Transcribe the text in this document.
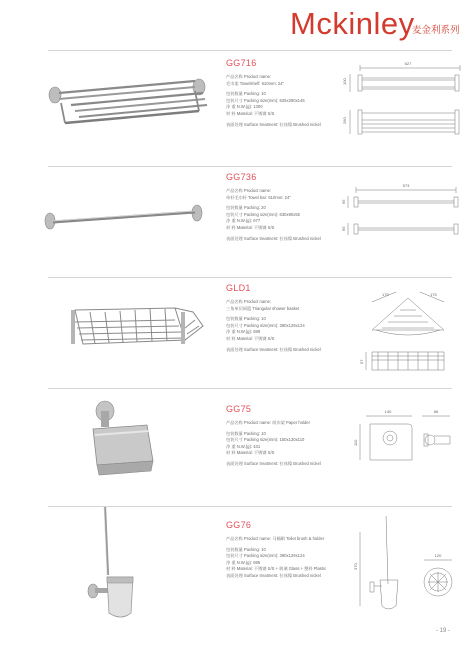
Mckinley
麦金利系列
GG716
产品名称 Product name:
毛巾架 Towelshelf: 610mm: 24"
包装数量 Packing: 10
包装尺寸 Packing size(mm): 625x290x145
净 重 N.W.(g): 1300
材 料 Material: 不锈钢 S/S
表面处理 Surface treatment: 拉丝镍 Brushed nickel
627
100
260
GG736
产品名称 Product name:
单杆毛巾杆 Towel bar: 610mm: 24"
包装数量 Packing: 20
包装尺寸 Packing size(mm): 630x90x55
净 重 N.W.(g): 677
材 料 Material: 不锈钢 S/S
表面处理 Surface treatment: 拉丝镍 Brushed nickel
573
65
65
GLD1
产品名称 Product name:
三角单层网篮 Triangular shower basket
包装数量 Packing: 10
包装尺寸 Packing size(mm): 380x129x124
净 重 N.W.(g): 699
材 料 Material: 不锈钢 S/S
表面处理 Surface treatment: 拉丝镍 Brushed nickel
175	175
57
GG75
产品名称 Product name: 纸巾架 Paper holder
包装数量 Packing: 10
包装尺寸 Packing size(mm): 150x130x110
净 重 N.W.(g): 431
材 料 Material: 不锈钢 S/S
表面处理 Surface treatment: 拉丝镍 Brushed nickel
140	66
110
GG76
产品名称 Product name: 马桶刷 Toilet brush & holder
包装数量 Packing: 10
包装尺寸 Packing size(mm): 380x129x124
净 重 N.W.(g): 695
材 料 Material: 不锈钢 S/S + 玻璃 Glass + 塑料 Plastic
表面处理 Surface treatment: 拉丝镍 Brushed nickel
370
120
- 19 -
